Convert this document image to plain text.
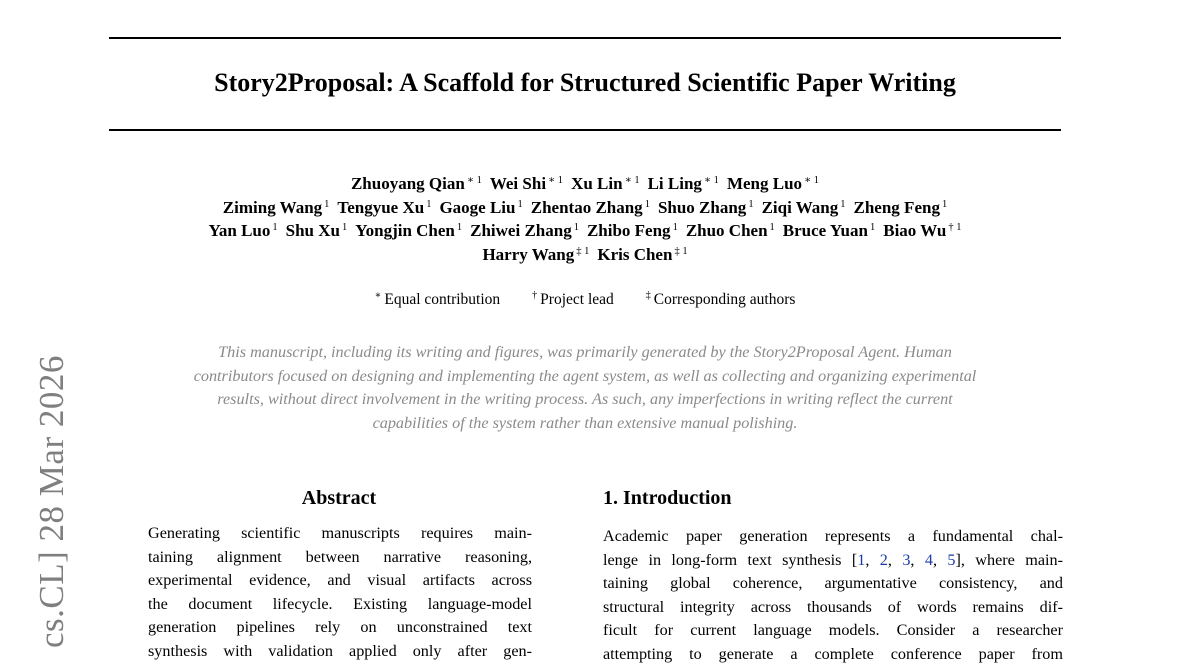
cs.CL] 28 Mar 2026
Story2Proposal: A Scaffold for Structured Scientific Paper Writing
Zhuoyang Qian $^{∗ 1}$ Wei Shi $^{∗ 1}$ Xu Lin $^{∗ 1}$ Li Ling $^{∗ 1}$ Meng Luo $^{∗ 1}$
Ziming Wang $^1$ Tengyue Xu $^1$ Gaoge Liu $^1$ Zhentao Zhang $^1$ Shuo Zhang $^1$ Ziqi Wang $^1$ Zheng Feng $^1$
Yan Luo $^1$ Shu Xu $^1$ Yongjin Chen $^1$ Zhiwei Zhang $^1$ Zhibo Feng $^1$ Zhuo Chen $^1$ Bruce Yuan $^1$ Biao Wu $^{\dagger 1}$
Harry Wang $^{\ddagger 1}$ Kris Chen $^{\ddagger 1}$
∗ Equal contribution	† Project lead	‡ Corresponding authors

This manuscript, including its writing and figures, was primarily generated by the Story2Proposal Agent. Human
contributors focused on designing and implementing the agent system, as well as collecting and organizing experimental
results, without direct involvement in the writing process. As such, any imperfections in writing reflect the current
capabilities of the system rather than extensive manual polishing.

Abstract

Generating scientific manuscripts requires main-
taining alignment between narrative reasoning,
experimental evidence, and visual artifacts across
the document lifecycle. Existing language-model
generation pipelines rely on unconstrained text
synthesis with validation applied only after gen-

1. Introduction

Academic paper generation represents a fundamental chal-
lenge in long-form text synthesis [1, 2, 3, 4, 5], where main-
taining global coherence, argumentative consistency, and
structural integrity across thousands of words remains dif-
ficult for current language models. Consider a researcher
attempting to generate a complete conference paper from
